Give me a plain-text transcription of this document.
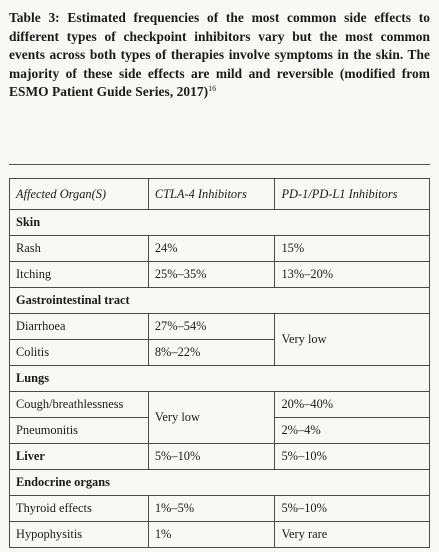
Table 3: Estimated frequencies of the most common side effects to different types of checkpoint inhibitors vary but the most common events across both types of therapies involve symptoms in the skin. The majority of these side effects are mild and reversible (modified from ESMO Patient Guide Series, 2017)$^{16}$
Affected Organ(S)	CTLA-4 Inhibitors	PD-1/PD-L1 Inhibitors
Skin		
Rash	24%	15%
Itching	25%–35%	13%–20%
Gastrointestinal tract		
Diarrhoea	27%–54%	Very low
Colitis	8%–22%	
Lungs		
Cough/breathlessness	Very low	20%–40%
Pneumonitis		2%–4%
Liver	5%–10%	5%–10%
Endocrine organs		
Thyroid effects	1%–5%	5%–10%
Hypophysitis	1%	Very rare
